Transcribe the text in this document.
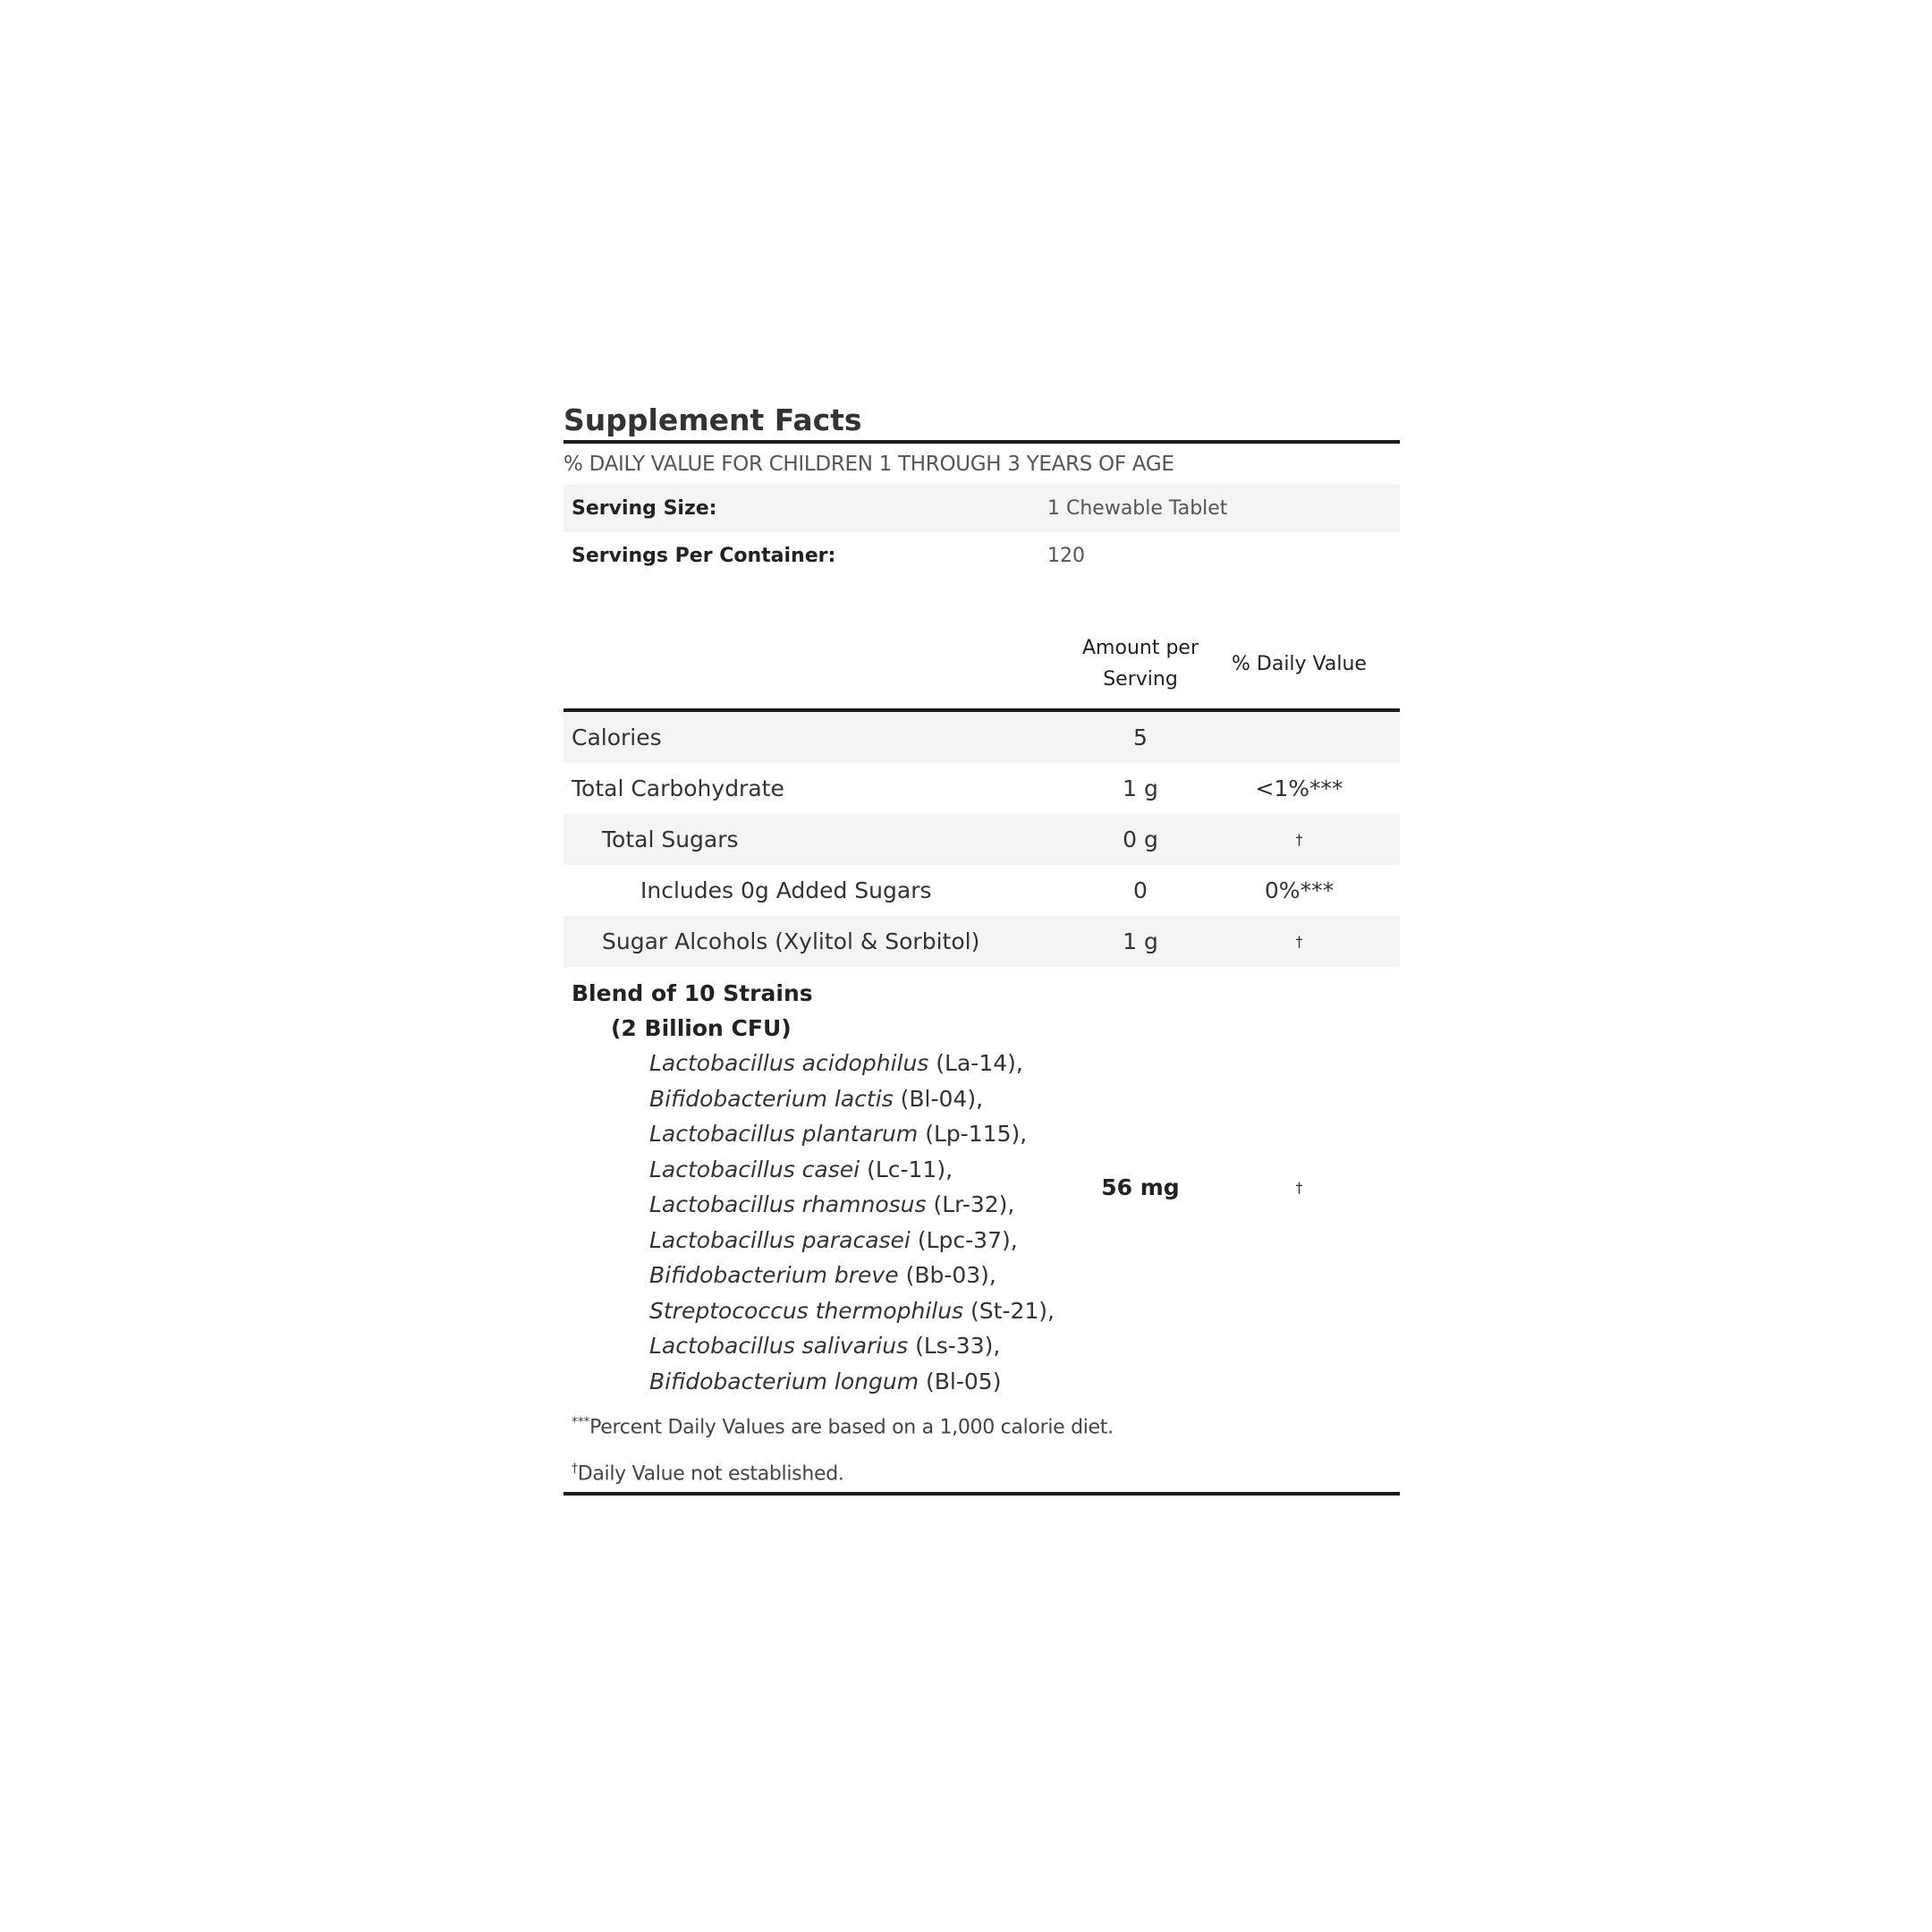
Supplement Facts
% DAILY VALUE FOR CHILDREN 1 THROUGH 3 YEARS OF AGE
Serving Size:	1 Chewable Tablet
Servings Per Container:	120
Amount per Serving
% Daily Value
Calories	5
Total Carbohydrate	1 g	<1%***
Total Sugars	0 g	†
Includes 0g Added Sugars	0	0%***
Sugar Alcohols (Xylitol & Sorbitol)	1 g	†
Blend of 10 Strains
(2 Billion CFU)
Lactobacillus acidophilus (La-14), Bifidobacterium lactis (Bl-04), Lactobacillus plantarum (Lp-115), Lactobacillus casei (Lc-11), Lactobacillus rhamnosus (Lr-32), Lactobacillus paracasei (Lpc-37), Bifidobacterium breve (Bb-03), Streptococcus thermophilus (St-21), Lactobacillus salivarius (Ls-33), Bifidobacterium longum (Bl-05)
56 mg	†
***Percent Daily Values are based on a 1,000 calorie diet.
†Daily Value not established.
